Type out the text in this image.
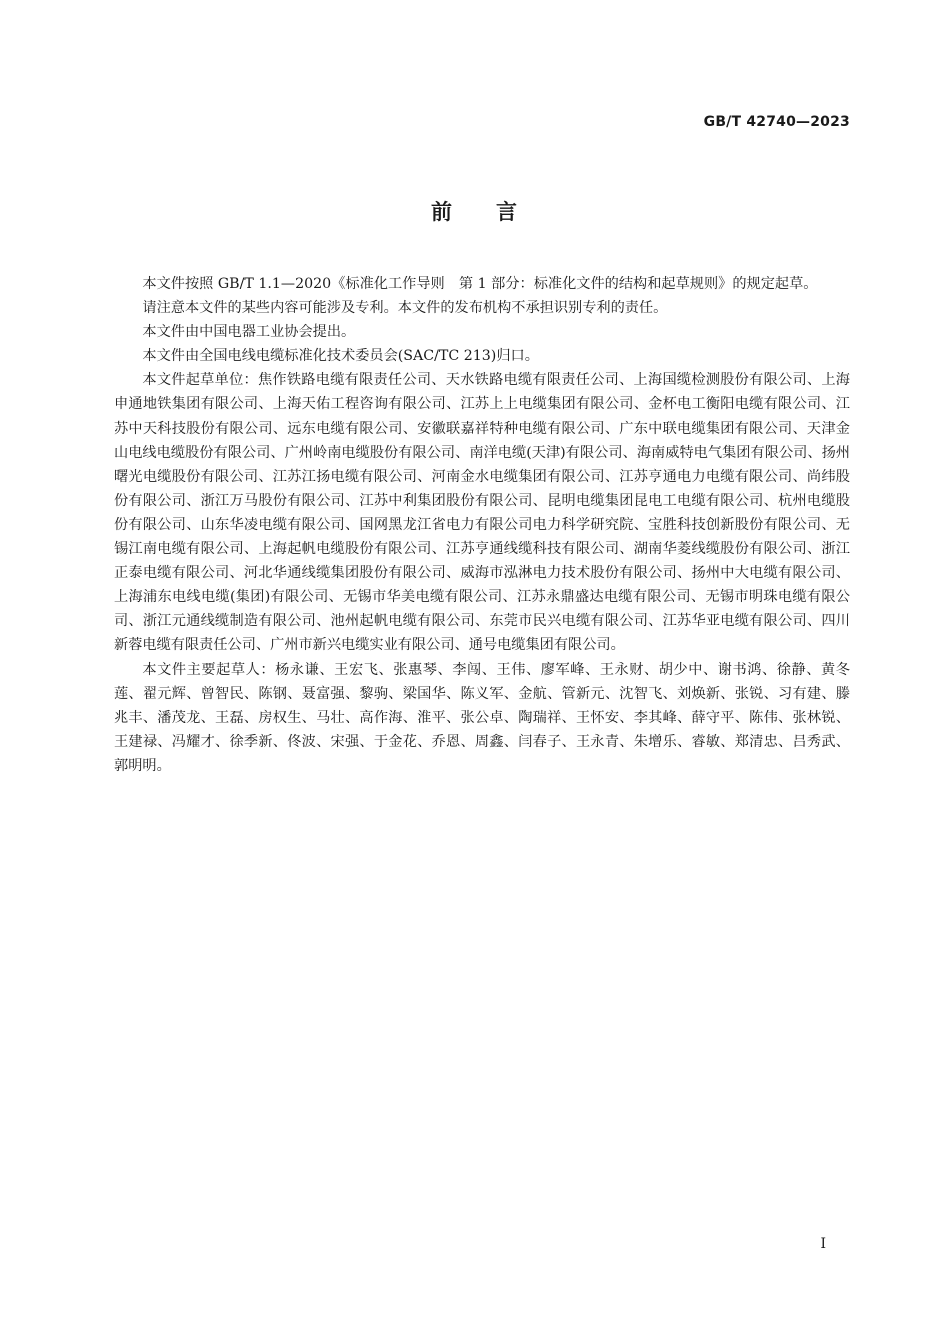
GB/T 42740—2023
前 言

本文件按照 GB/T 1.1—2020《标准化工作导则　第 1 部分：标准化文件的结构和起草规则》的规定起草。

请注意本文件的某些内容可能涉及专利。本文件的发布机构不承担识别专利的责任。

本文件由中国电器工业协会提出。

本文件由全国电线电缆标准化技术委员会(SAC/TC 213)归口。

本文件起草单位：焦作铁路电缆有限责任公司、天水铁路电缆有限责任公司、上海国缆检测股份有限公司、上海申通地铁集团有限公司、上海天佑工程咨询有限公司、江苏上上电缆集团有限公司、金杯电工衡阳电缆有限公司、江苏中天科技股份有限公司、远东电缆有限公司、安徽联嘉祥特种电缆有限公司、广东中联电缆集团有限公司、天津金山电线电缆股份有限公司、广州岭南电缆股份有限公司、南洋电缆(天津)有限公司、海南威特电气集团有限公司、扬州曙光电缆股份有限公司、江苏江扬电缆有限公司、河南金水电缆集团有限公司、江苏亨通电力电缆有限公司、尚纬股份有限公司、浙江万马股份有限公司、江苏中利集团股份有限公司、昆明电缆集团昆电工电缆有限公司、杭州电缆股份有限公司、山东华凌电缆有限公司、国网黑龙江省电力有限公司电力科学研究院、宝胜科技创新股份有限公司、无锡江南电缆有限公司、上海起帆电缆股份有限公司、江苏亨通线缆科技有限公司、湖南华菱线缆股份有限公司、浙江正泰电缆有限公司、河北华通线缆集团股份有限公司、威海市泓淋电力技术股份有限公司、扬州中大电缆有限公司、上海浦东电线电缆(集团)有限公司、无锡市华美电缆有限公司、江苏永鼎盛达电缆有限公司、无锡市明珠电缆有限公司、浙江元通线缆制造有限公司、池州起帆电缆有限公司、东莞市民兴电缆有限公司、江苏华亚电缆有限公司、四川新蓉电缆有限责任公司、广州市新兴电缆实业有限公司、通号电缆集团有限公司。

本文件主要起草人：杨永谦、王宏飞、张惠琴、李闯、王伟、廖军峰、王永财、胡少中、谢书鸿、徐静、黄冬莲、翟元辉、曾智民、陈钢、聂富强、黎驹、梁国华、陈义军、金航、管新元、沈智飞、刘焕新、张锐、习有建、滕兆丰、潘茂龙、王磊、房权生、马壮、高作海、淮平、张公卓、陶瑞祥、王怀安、李其峰、薛守平、陈伟、张林锐、王建禄、冯耀才、徐季新、佟波、宋强、于金花、乔恩、周鑫、闫春子、王永青、朱增乐、睿敏、郑清忠、吕秀武、郭明明。

I
